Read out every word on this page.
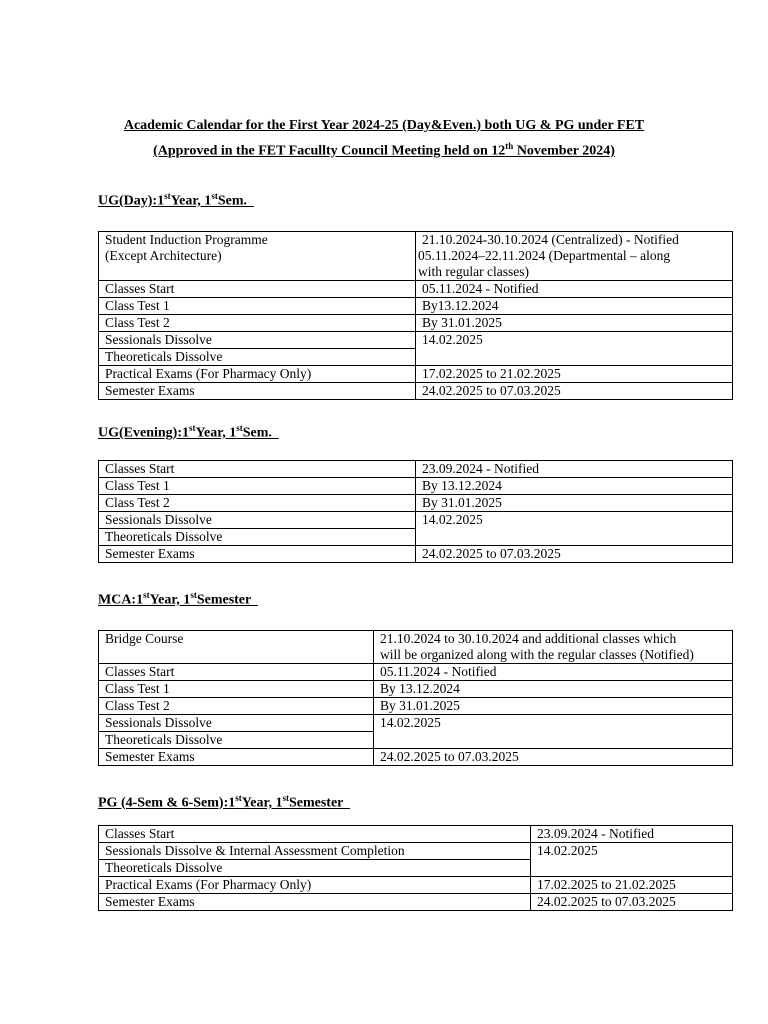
Academic Calendar for the First Year 2024-25 (Day&Even.) both UG & PG under FET
(Approved in the FET Facullty Council Meeting held on 12th November 2024)
UG(Day):1stYear, 1stSem.
Student Induction Programme
(Except Architecture)	21.10.2024-30.10.2024 (Centralized) - Notified
05.11.2024–22.11.2024 (Departmental – along
with regular classes)

Classes Start	05.11.2024 - Notified
Class Test 1	By13.12.2024
Class Test 2	By 31.01.2025
Sessionals Dissolve	14.02.2025
Theoreticals Dissolve	
Practical Exams (For Pharmacy Only)	17.02.2025 to 21.02.2025
Semester Exams	24.02.2025 to 07.03.2025
UG(Evening):1stYear, 1stSem.
Classes Start	23.09.2024 - Notified
Class Test 1	By 13.12.2024
Class Test 2	By 31.01.2025
Sessionals Dissolve	14.02.2025
Theoreticals Dissolve	
Semester Exams	24.02.2025 to 07.03.2025
MCA:1stYear, 1stSemester
Bridge Course	21.10.2024 to 30.10.2024 and additional classes which
will be organized along with the regular classes (Notified)

Classes Start	05.11.2024 - Notified
Class Test 1	By 13.12.2024
Class Test 2	By 31.01.2025
Sessionals Dissolve	14.02.2025
Theoreticals Dissolve	
Semester Exams	24.02.2025 to 07.03.2025
PG (4-Sem & 6-Sem):1stYear, 1stSemester
Classes Start	23.09.2024 - Notified
Sessionals Dissolve & Internal Assessment Completion	14.02.2025
Theoreticals Dissolve	
Practical Exams (For Pharmacy Only)	17.02.2025 to 21.02.2025
Semester Exams	24.02.2025 to 07.03.2025
